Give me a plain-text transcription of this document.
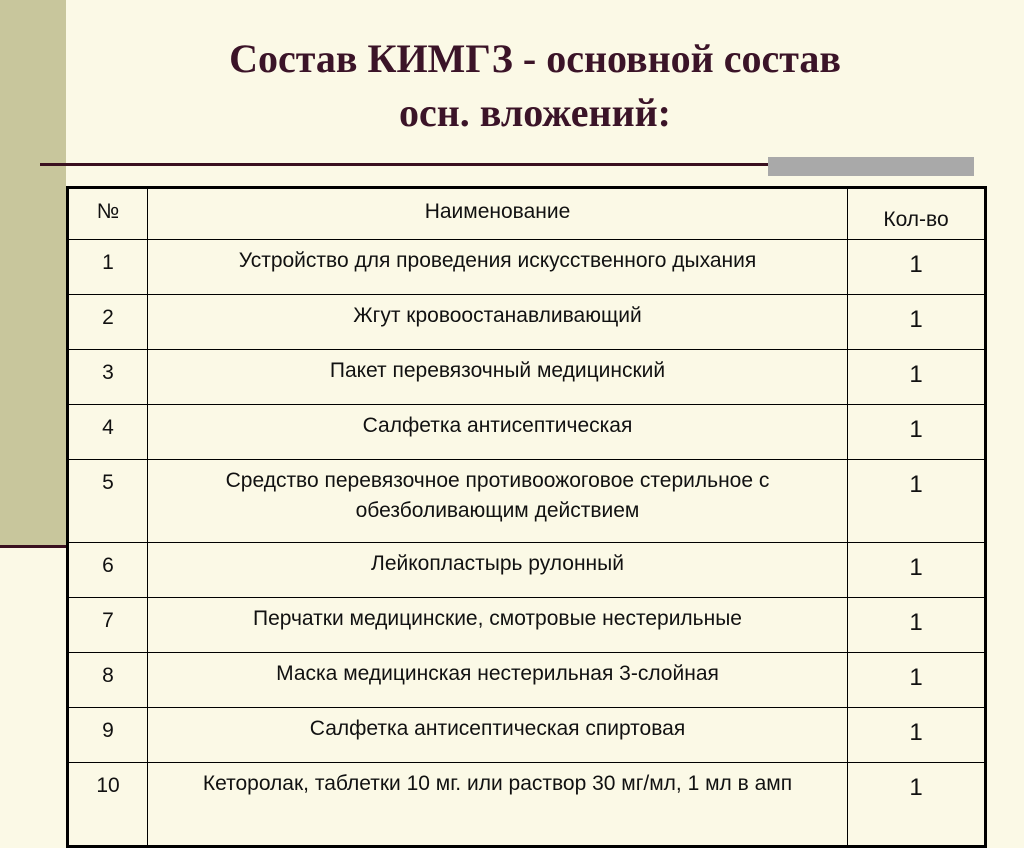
Состав КИМГЗ - основной состав
осн. вложений:
№	Наименование	Кол-во
1	Устройство для проведения искусственного дыхания	1
2	Жгут кровоостанавливающий	1
3	Пакет перевязочный медицинский	1
4	Салфетка антисептическая	1
5	Средство перевязочное противоожоговое стерильное с обезболивающим действием	1
6	Лейкопластырь рулонный	1
7	Перчатки медицинские, смотровые нестерильные	1
8	Маска медицинская нестерильная 3-слойная	1
9	Салфетка антисептическая спиртовая	1
10	Кеторолак, таблетки 10 мг. или раствор 30 мг/мл, 1 мл в амп	1
